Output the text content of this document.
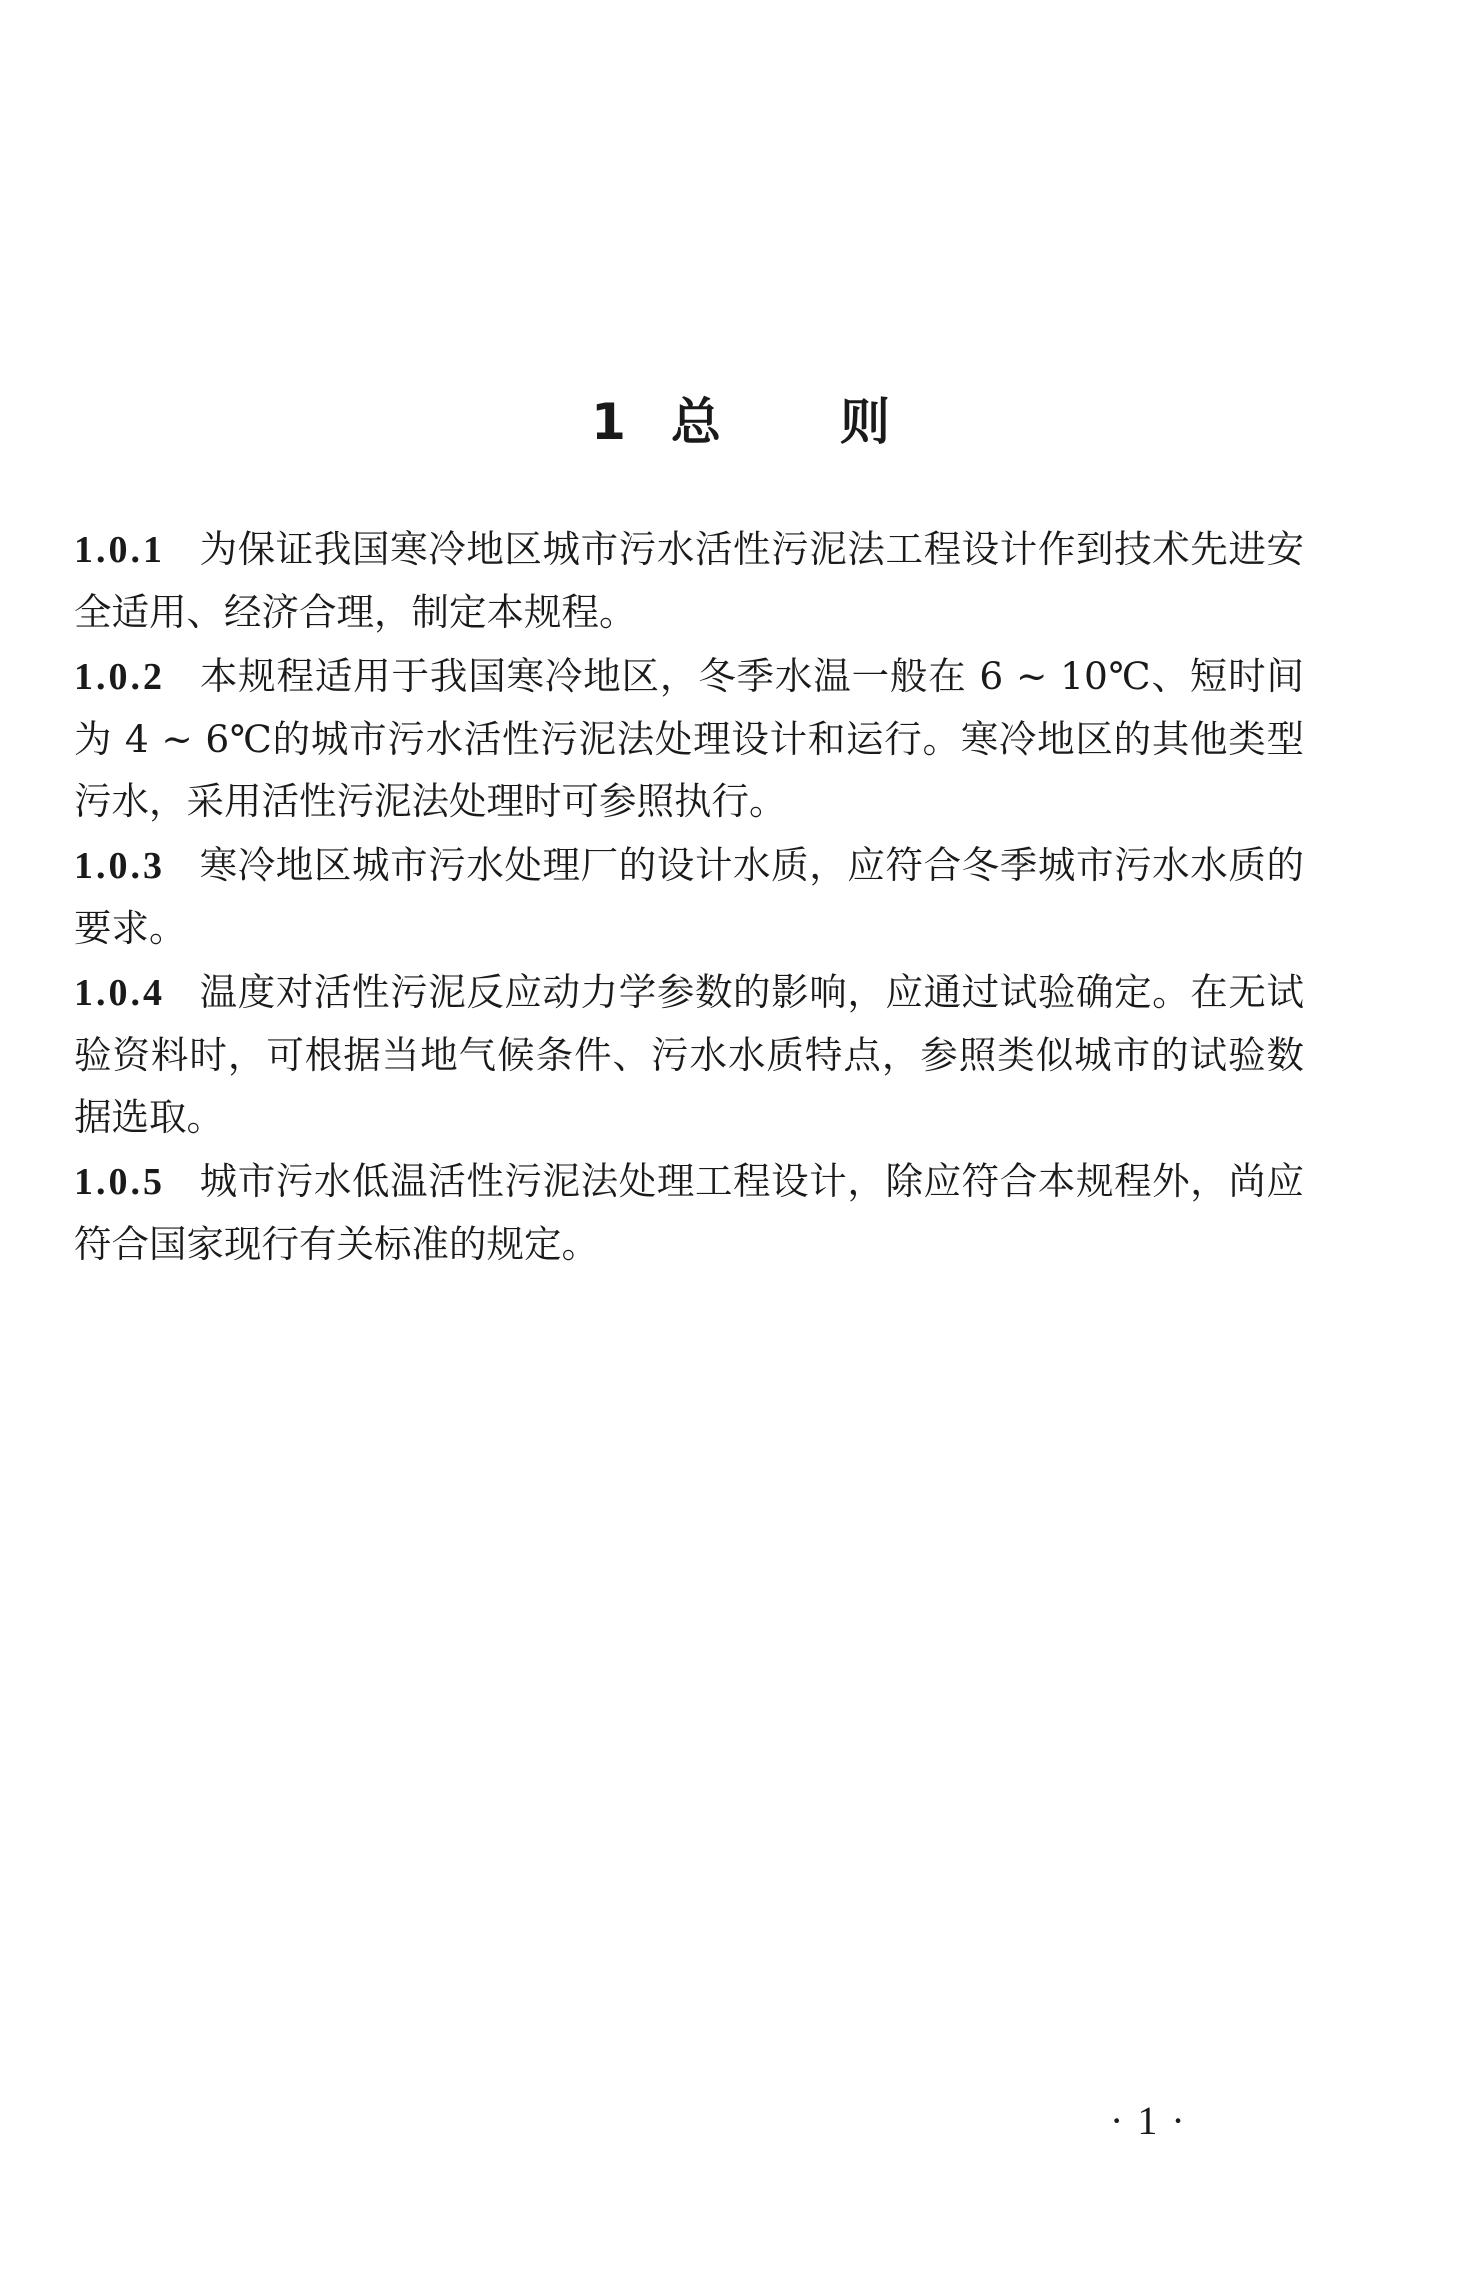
1 总 则

1.0.1 为保证我国寒冷地区城市污水活性污泥法工程设计作到技术先进安全适用、经济合理，制定本规程。

1.0.2 本规程适用于我国寒冷地区，冬季水温一般在 6 ~ 10℃、短时间为 4 ~ 6℃的城市污水活性污泥法处理设计和运行。寒冷地区的其他类型污水，采用活性污泥法处理时可参照执行。

1.0.3 寒冷地区城市污水处理厂的设计水质，应符合冬季城市污水水质的要求。

1.0.4 温度对活性污泥反应动力学参数的影响，应通过试验确定。在无试验资料时，可根据当地气候条件、污水水质特点，参照类似城市的试验数据选取。

1.0.5 城市污水低温活性污泥法处理工程设计，除应符合本规程外，尚应符合国家现行有关标准的规定。

· 1 ·
